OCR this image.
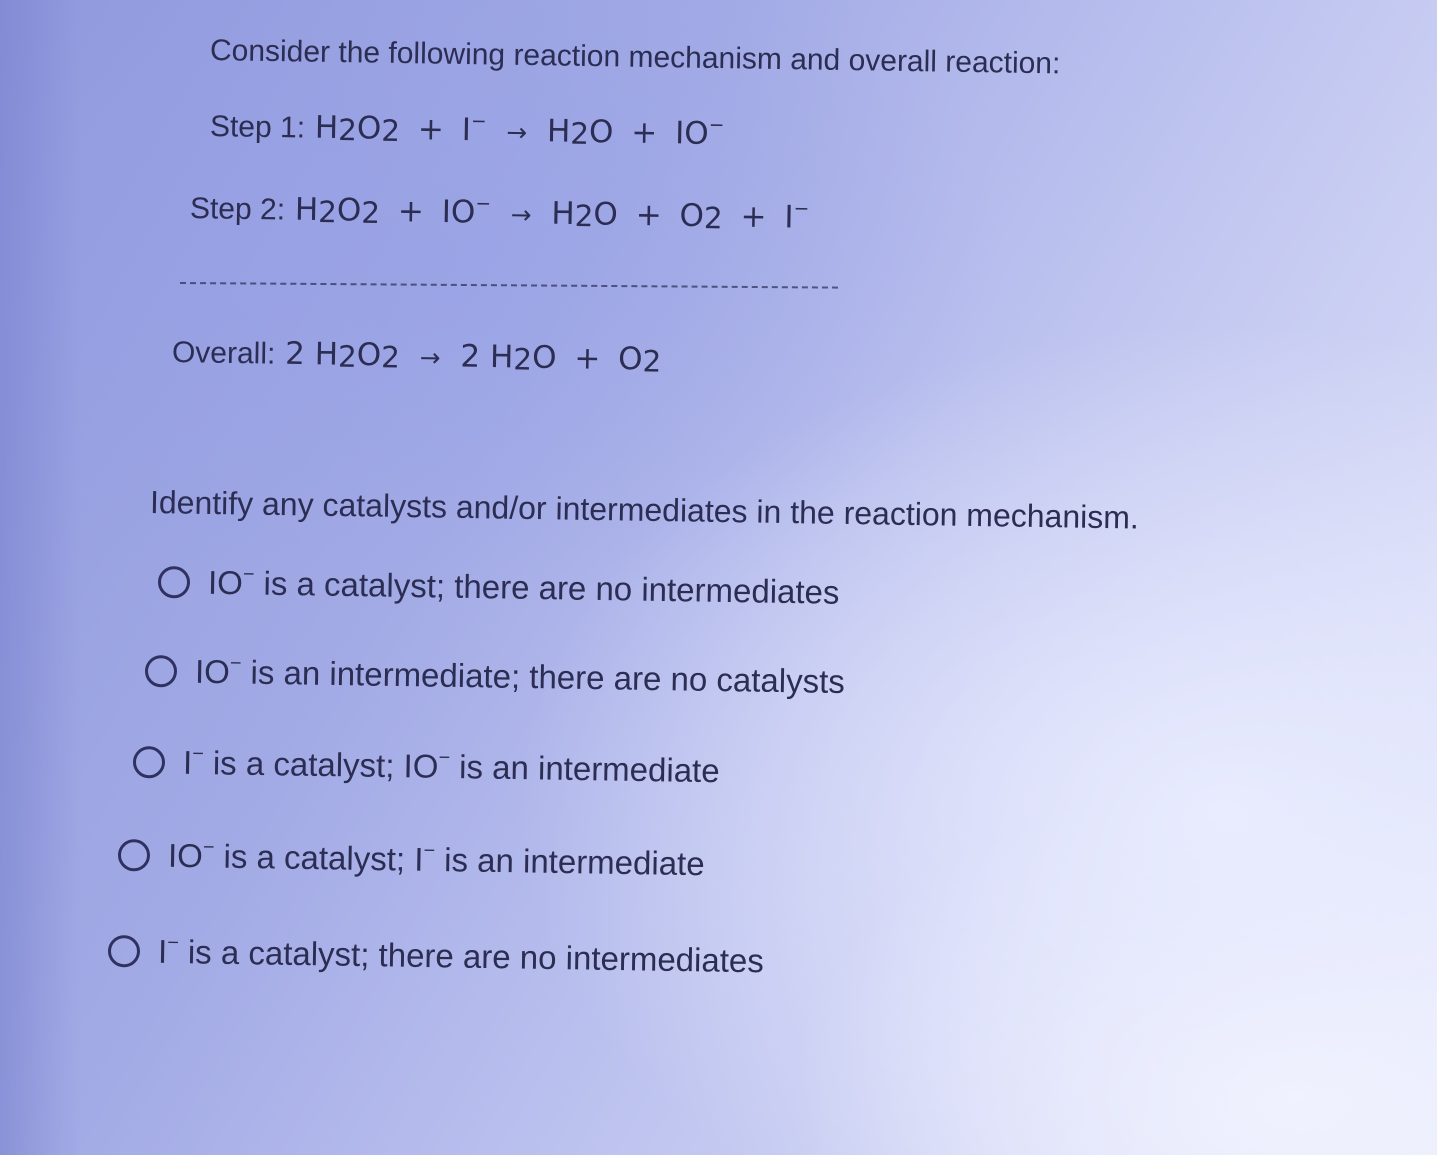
Consider the following reaction mechanism and overall reaction:
Step 1: H2O2 + I− → H2O + IO−
Step 2: H2O2 + IO− → H2O + O2 + I−
Overall: 2 H2O2 → 2 H2O + O2
Identify any catalysts and/or intermediates in the reaction mechanism.
IO− is a catalyst; there are no intermediates
IO− is an intermediate; there are no catalysts
I− is a catalyst; IO− is an intermediate
IO− is a catalyst; I− is an intermediate
I− is a catalyst; there are no intermediates
